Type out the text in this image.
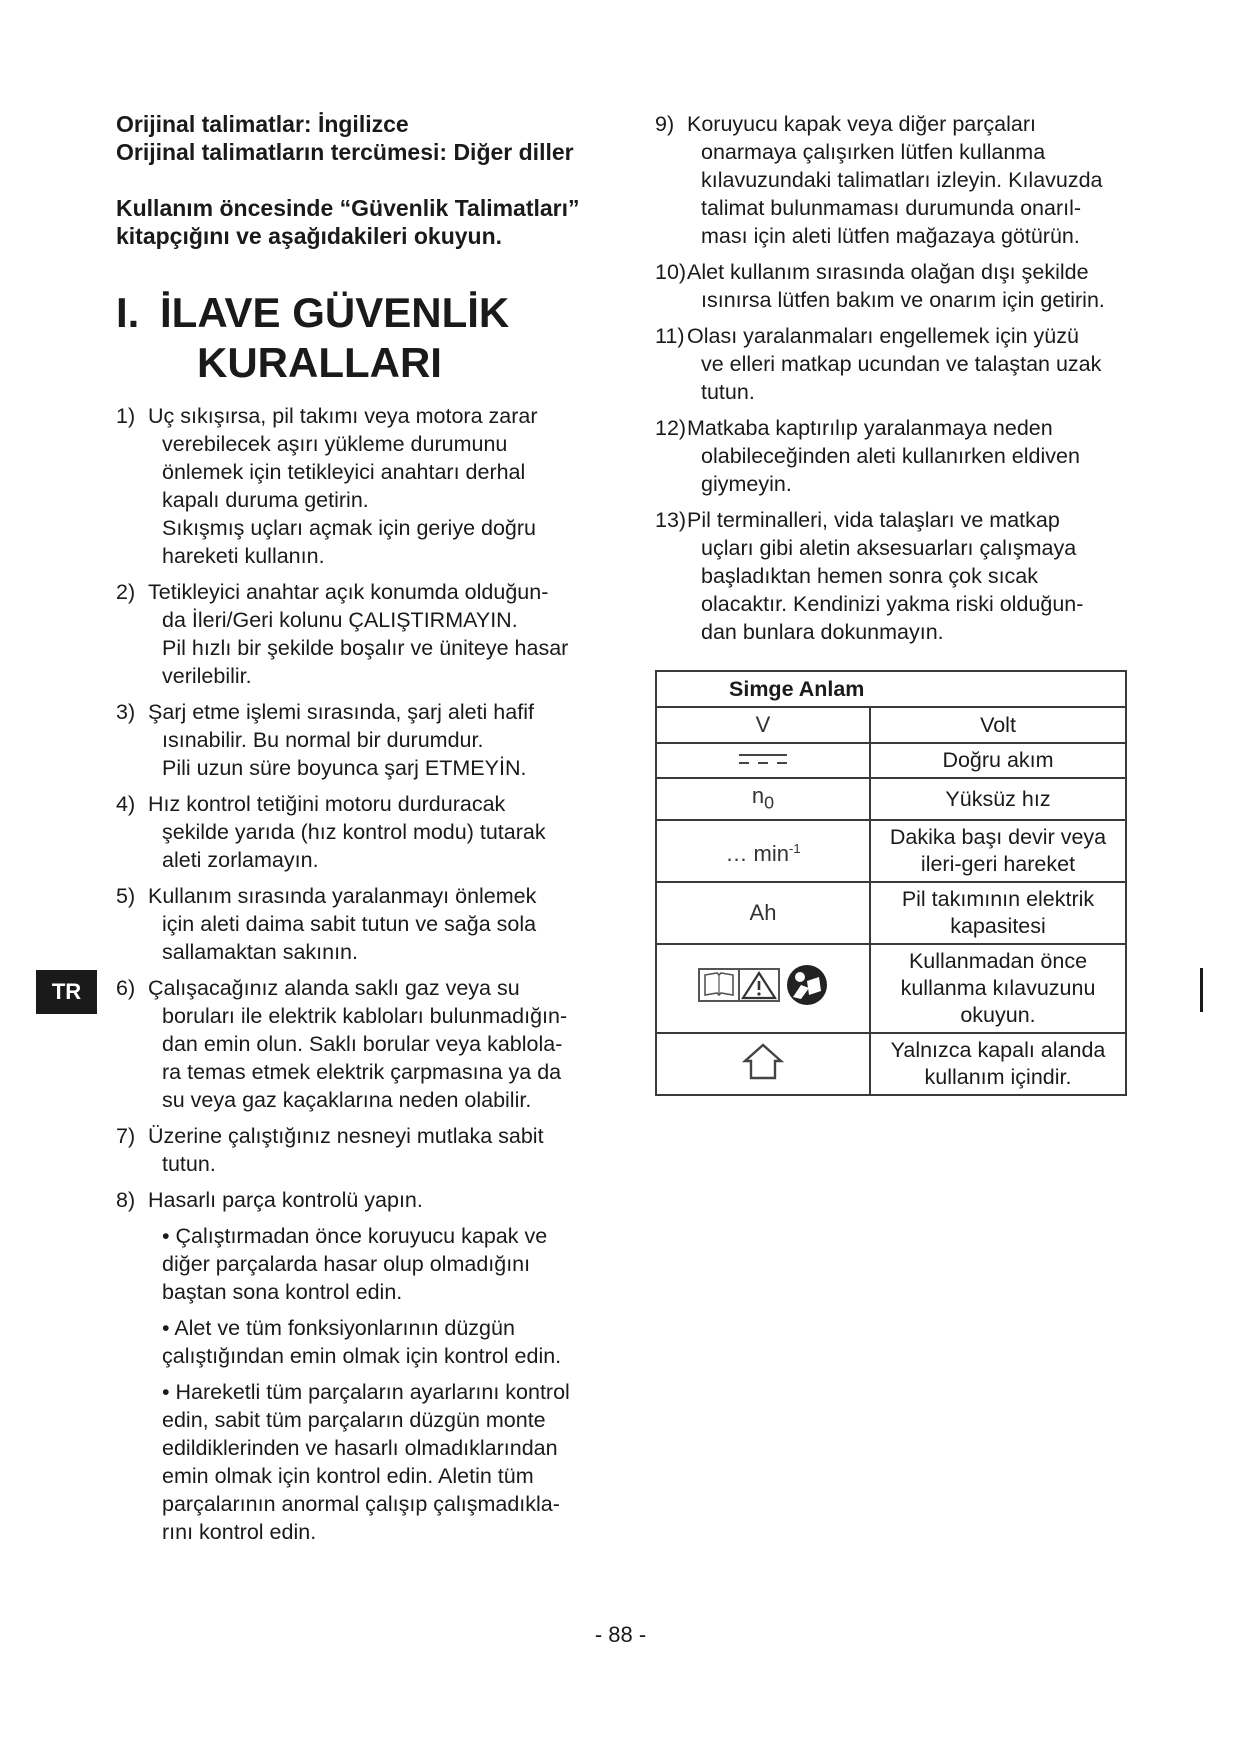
TR

Orijinal talimatlar: İngilizce

Orijinal talimatların tercümesi: Diğer diller

Kullanım öncesinde “Güvenlik Talimatları”

kitapçığını ve aşağıdakileri okuyun.

I. İLAVE GÜVENLİK
KURALLARI
1) Uç sıkışırsa, pil takımı veya motora zarar
verebilecek aşırı yükleme durumunu
önlemek için tetikleyici anahtarı derhal
kapalı duruma getirin.
Sıkışmış uçları açmak için geriye doğru
hareketi kullanın.
2) Tetikleyici anahtar açık konumda olduğun-
da İleri/Geri kolunu ÇALIŞTIRMAYIN.
Pil hızlı bir şekilde boşalır ve üniteye hasar
verilebilir.
3) Şarj etme işlemi sırasında, şarj aleti hafif
ısınabilir. Bu normal bir durumdur.
Pili uzun süre boyunca şarj ETMEYİN.
4) Hız kontrol tetiğini motoru durduracak
şekilde yarıda (hız kontrol modu) tutarak
aleti zorlamayın.
5) Kullanım sırasında yaralanmayı önlemek
için aleti daima sabit tutun ve sağa sola
sallamaktan sakının.
6) Çalışacağınız alanda saklı gaz veya su
boruları ile elektrik kabloları bulunmadığın-
dan emin olun. Saklı borular veya kablola-
ra temas etmek elektrik çarpmasına ya da
su veya gaz kaçaklarına neden olabilir.
7) Üzerine çalıştığınız nesneyi mutlaka sabit
tutun.
8) Hasarlı parça kontrolü yapın.
• Çalıştırmadan önce koruyucu kapak ve
diğer parçalarda hasar olup olmadığını
baştan sona kontrol edin.
• Alet ve tüm fonksiyonlarının düzgün
çalıştığından emin olmak için kontrol edin.
• Hareketli tüm parçaların ayarlarını kontrol
edin, sabit tüm parçaların düzgün monte
edildiklerinden ve hasarlı olmadıklarından
emin olmak için kontrol edin. Aletin tüm
parçalarının anormal çalışıp çalışmadıkla-
rını kontrol edin.
9) Koruyucu kapak veya diğer parçaları
onarmaya çalışırken lütfen kullanma
kılavuzundaki talimatları izleyin. Kılavuzda
talimat bulunmaması durumunda onarıl-
ması için aleti lütfen mağazaya götürün.
10)Alet kullanım sırasında olağan dışı şekilde
ısınırsa lütfen bakım ve onarım için getirin.
11) Olası yaralanmaları engellemek için yüzü
ve elleri matkap ucundan ve talaştan uzak
tutun.
12)Matkaba kaptırılıp yaralanmaya neden
olabileceğinden aleti kullanırken eldiven
giymeyin.
13)Pil terminalleri, vida talaşları ve matkap
uçları gibi aletin aksesuarları çalışmaya
başladıktan hemen sonra çok sıcak
olacaktır. Kendinizi yakma riski olduğun-
dan bunlara dokunmayın.
Simge Anlam	
V	Volt

Doğru akım

$n_0$	Yüksüz hız

… $\min^{-1}$	Dakika başı devir veya
ileri-geri hareket

Ah	Pil takımının elektrik
kapasitesi

Kullanmadan önce
kullanma kılavuzunu
okuyun.

Yalnızca kapalı alanda
kullanım içindir.
- 88 -
